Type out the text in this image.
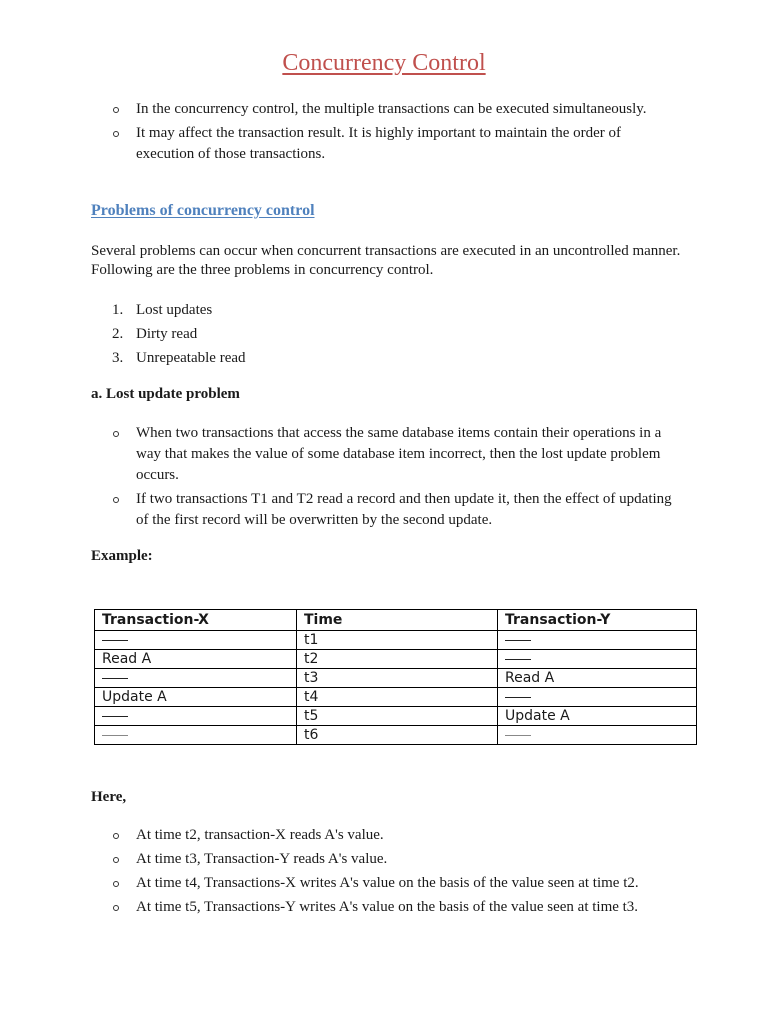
Concurrency Control
In the concurrency control, the multiple transactions can be executed simultaneously.
It may affect the transaction result. It is highly important to maintain the order of execution of those transactions.
Problems of concurrency control

Several problems can occur when concurrent transactions are executed in an uncontrolled manner. Following are the three problems in concurrency control.

1. Lost updates
2. Dirty read
3. Unrepeatable read
a. Lost update problem
When two transactions that access the same database items contain their operations in a way that makes the value of some database item incorrect, then the lost update problem occurs.
If two transactions T1 and T2 read a record and then update it, then the effect of updating of the first record will be overwritten by the second update.
Example:
Transaction-X	Time	Transaction-Y
	t1	
Read A	t2	
	t3	Read A
Update A	t4	
	t5	Update A
	t6	
Here,
At time t2, transaction-X reads A's value.
At time t3, Transaction-Y reads A's value.
At time t4, Transactions-X writes A's value on the basis of the value seen at time t2.
At time t5, Transactions-Y writes A's value on the basis of the value seen at time t3.
